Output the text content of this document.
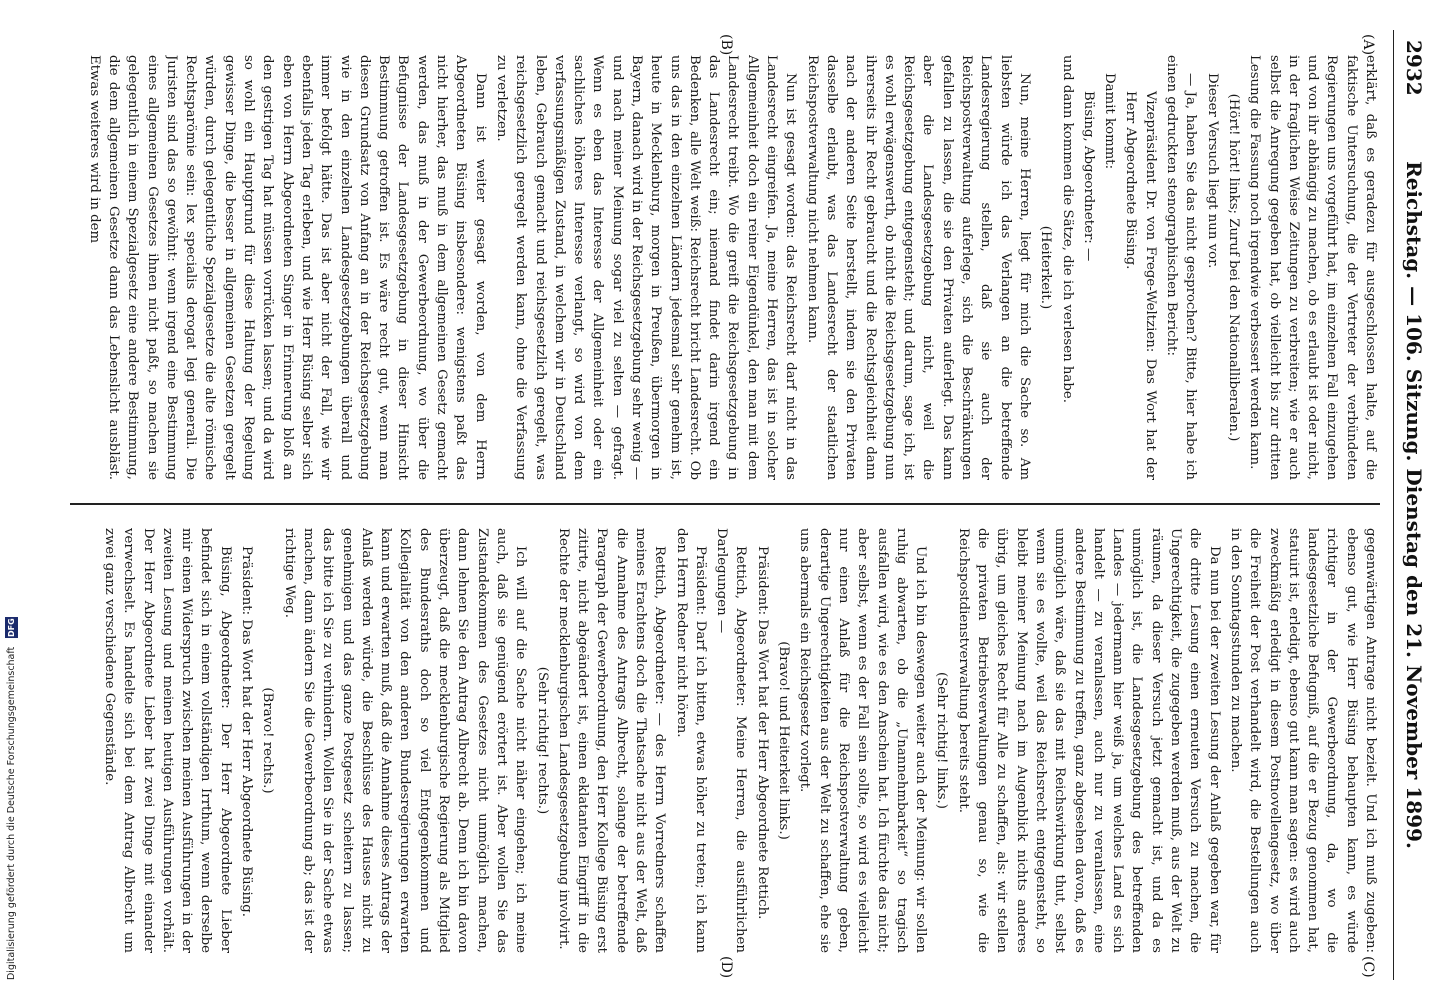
Digitalisierung gefördert durch die Deutsche Forschungsgemeinschaft DFG
2932
Reichstag. — 106. Sitzung. Dienstag den 21. November 1899.
(A)
(B)
(C)
(D)

erklärt, daß es geradezu für ausgeschlossen halte, auf die faktische Untersuchung, die der Vertreter der verbündeten Regierungen uns vorgeführt hat, im einzelnen Fall einzugehen und von ihr abhängig zu machen, ob es erlaubt ist oder nicht, in der fraglichen Weise Zeitungen zu verbreiten; wie er auch selbst die Anregung gegeben hat, ob vielleicht bis zur dritten Lesung die Fassung noch irgendwie verbessert werden kann.

(Hört! hört! links; Zuruf bei den Nationalliberalen.)

Dieser Versuch liegt nun vor.

— Ja, haben Sie das nicht gesprochen? Bitte, hier habe ich einen gedruckten stenographischen Bericht:

Vizepräsident Dr. von Frege-Weltzien: Das Wort hat der Herr Abgeordnete Büsing.

Damit kommt:

Büsing, Abgeordneter: —

und dann kommen die Sätze, die ich verlesen habe.

(Heiterkeit.)

Nun, meine Herren, liegt für mich die Sache so. Am liebsten würde ich das Verlangen an die betreffende Landesregierung stellen, daß sie auch der Reichspostverwaltung auferlege, sich die Beschränkungen gefallen zu lassen, die sie den Privaten auferlegt. Das kann aber die Landesgesetzgebung nicht, weil die Reichsgesetzgebung entgegensteht; und darum, sage ich, ist es wohl erwägenswerth, ob nicht die Reichsgesetzgebung nun ihrerseits ihr Recht gebraucht und die Rechtsgleichheit dann nach der anderen Seite herstellt, indem sie den Privaten dasselbe erlaubt, was das Landesrecht der staatlichen Reichspostverwaltung nicht nehmen kann.

Nun ist gesagt worden: das Reichsrecht darf nicht in das Landesrecht eingreifen. Ja, meine Herren, das ist in solcher Allgemeinheit doch ein reiner Eigendünkel, den man mit dem Landesrecht treibt. Wo die greift die Reichsgesetzgebung in das Landesrecht ein; niemand findet darin irgend ein Bedenken, alle Welt weiß: Reichsrecht bricht Landesrecht. Ob uns das in den einzelnen Ländern jedesmal sehr genehm ist, heute in Mecklenburg, morgen in Preußen, übermorgen in Bayern, danach wird in der Reichsgesetzgebung sehr wenig — und nach meiner Meinung sogar viel zu selten — gefragt. Wenn es eben das Interesse der Allgemeinheit oder ein sachliches höheres Interesse verlangt, so wird von dem verfassungsmäßigen Zustand, in welchem wir in Deutschland leben, Gebrauch gemacht und reichsgesetzlich geregelt, was reichsgesetzlich geregelt werden kann, ohne die Verfassung zu verletzen.

Dann ist weiter gesagt worden, von dem Herrn Abgeordneten Büsing insbesondere: wenigstens paßt das nicht hierher, das muß in dem allgemeinen Gesetz gemacht werden, das muß in der Gewerbeordnung, wo über die Befugnisse der Landesgesetzgebung in dieser Hinsicht Bestimmung getroffen ist. Es wäre recht gut, wenn man diesen Grundsatz von Anfang an in der Reichsgesetzgebung wie in den einzelnen Landesgesetzgebungen überall und immer befolgt hätte. Das ist aber nicht der Fall, wie wir ebenfalls jeden Tag erleben, und wie Herr Büsing selber sich eben von Herrn Abgeordneten Singer in Erinnerung bloß an den gestrigen Tag hat müssen vorrücken lassen; und da wird so wohl ein Hauptgrund für diese Haltung der Regelung gewisser Dinge, die besser in allgemeinen Gesetzen geregelt würden, durch gelegentliche Spezialgesetze die alte römische Rechtsparömie sein: lex specialis derogat legi generali. Die Juristen sind das so gewöhnt: wenn irgend eine Bestimmung eines allgemeinen Gesetzes ihnen nicht paßt, so machen sie gelegentlich in einem Spezialgesetz eine andere Bestimmung, die dem allgemeinen Gesetze dann das Lebenslicht ausbläst. Etwas weiteres wird in dem

gegenwärtigen Antrage nicht bezielt. Und ich muß zugeben: ebenso gut, wie Herr Büsing behaupten kann, es würde richtiger in der Gewerbeordnung, da, wo die landesgesetzliche Befugniß, auf die er Bezug genommen hat, statuirt ist, erledigt, ebenso gut kann man sagen: es wird auch zweckmäßig erledigt in diesem Postnovellengesetz, wo über die Freiheit der Post verhandelt wird, die Bestellungen auch in den Sonntagsstunden zu machen.

Da nun bei der zweiten Lesung der Anlaß gegeben war, für die dritte Lesung einen erneuten Versuch zu machen, die Ungerechtigkeit, die zugegeben werden muß, aus der Welt zu räumen, da dieser Versuch jetzt gemacht ist, und da es unmöglich ist, die Landesgesetzgebung des betreffenden Landes — jedermann hier weiß ja, um welches Land es sich handelt — zu veranlassen, auch nur zu veranlassen, eine andere Bestimmung zu treffen, ganz abgesehen davon, daß es unmöglich wäre, daß sie das mit Reichswirkung thut, selbst wenn sie es wollte, weil das Reichsrecht entgegensteht, so bleibt meiner Meinung nach im Augenblick nichts anderes übrig, um gleiches Recht für Alle zu schaffen, als: wir stellen die privaten Betriebsverwaltungen genau so, wie die Reichspostdienstverwaltung bereits steht.

(Sehr richtig! links.)

Und ich bin deswegen weiter auch der Meinung: wir sollen ruhig abwarten, ob die „Unannehmbarkeit“ so tragisch ausfallen wird, wie es den Anschein hat. Ich fürchte das nicht; aber selbst, wenn es der Fall sein sollte, so wird es vielleicht nur einen Anlaß für die Reichspostverwaltung geben, derartige Ungerechtigkeiten aus der Welt zu schaffen, ehe sie uns abermals ein Reichsgesetz vorlegt.

(Bravo! und Heiterkeit links.)

Präsident: Das Wort hat der Herr Abgeordnete Rettich.

Rettich, Abgeordneter: Meine Herren, die ausführlichen Darlegungen —

Präsident: Darf ich bitten, etwas höher zu treten; ich kann den Herrn Redner nicht hören.

Rettich, Abgeordneter: — des Herrn Vorredners schaffen meines Erachtens doch die Thatsache nicht aus der Welt, daß die Annahme des Antrags Albrecht, solange der betreffende Paragraph der Gewerbeordnung, den Herr Kollege Büsing erst zitirte, nicht abgeändert ist, einen eklatanten Eingriff in die Rechte der mecklenburgischen Landesgesetzgebung involvirt.

(Sehr richtig! rechts.)

Ich will auf die Sache nicht näher eingehen; ich meine auch, daß sie genügend erörtert ist. Aber wollen Sie das Zustandekommen des Gesetzes nicht unmöglich machen, dann lehnen Sie den Antrag Albrecht ab. Denn ich bin davon überzeugt, daß die mecklenburgische Regierung als Mitglied des Bundesraths doch so viel Entgegenkommen und Kollegialität von den anderen Bundesregierungen erwarten kann und erwarten muß, daß die Annahme dieses Antrags der Anlaß werden würde, die Beschlüsse des Hauses nicht zu genehmigen und das ganze Postgesetz scheitern zu lassen; das bitte ich Sie zu verhindern. Wollen Sie in der Sache etwas machen, dann ändern Sie die Gewerbeordnung ab; das ist der richtige Weg.

(Bravo! rechts.)

Präsident: Das Wort hat der Herr Abgeordnete Büsing.

Büsing, Abgeordneter: Der Herr Abgeordnete Lieber befindet sich in einem vollständigen Irrthum, wenn derselbe mir einen Widerspruch zwischen meinen Ausführungen in der zweiten Lesung und meinen heutigen Ausführungen vorhält. Der Herr Abgeordnete Lieber hat zwei Dinge mit einander verwechselt. Es handelte sich bei dem Antrag Albrecht um zwei ganz verschiedene Gegenstände.
